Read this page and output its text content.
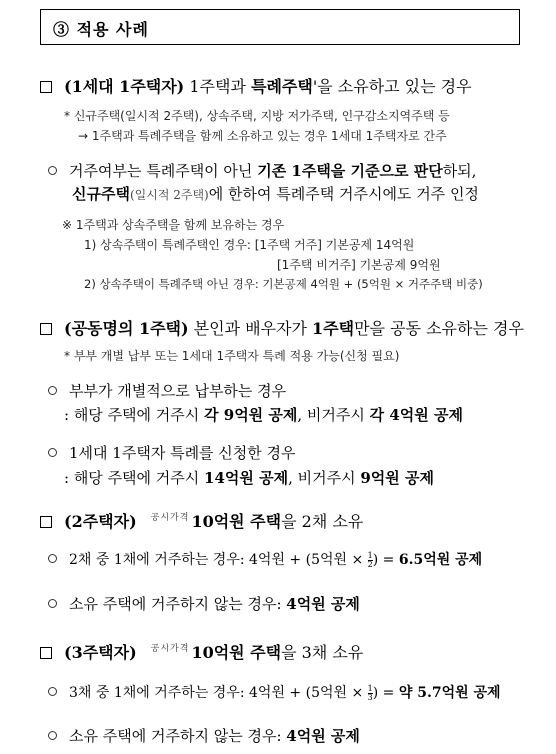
③ 적용 사례
(1세대 1주택자) 1주택과 특례주택'을 소유하고 있는 경우
* 신규주택(일시적 2주택), 상속주택, 지방 저가주택, 인구감소지역주택 등
→ 1주택과 특례주택을 함께 소유하고 있는 경우 1세대 1주택자로 간주
거주여부는 특례주택이 아닌 기존 1주택을 기준으로 판단하되,
신규주택(일시적 2주택)에 한하여 특례주택 거주시에도 거주 인정
※ 1주택과 상속주택을 함께 보유하는 경우
1) 상속주택이 특례주택인 경우: [1주택 거주] 기본공제 14억원
[1주택 비거주] 기본공제 9억원
2) 상속주택이 특례주택 아닌 경우: 기본공제 4억원 + (5억원 × 거주주택 비중)
(공동명의 1주택) 본인과 배우자가 1주택만을 공동 소유하는 경우
* 부부 개별 납부 또는 1세대 1주택자 특례 적용 가능(신청 필요)
부부가 개별적으로 납부하는 경우
: 해당 주택에 거주시 각 9억원 공제, 비거주시 각 4억원 공제
1세대 1주택자 특례를 신청한 경우
: 해당 주택에 거주시 14억원 공제, 비거주시 9억원 공제
(2주택자) $^{공시가격}$ 10억원 주택을 2채 소유
2채 중 1채에 거주하는 경우: 4억원 + (5억원 × $\frac{1}{2}$ ) = 6.5억원 공제
소유 주택에 거주하지 않는 경우: 4억원 공제
(3주택자) $^{공시가격}$ 10억원 주택을 3채 소유
3채 중 1채에 거주하는 경우: 4억원 + (5억원 × $\frac{1}{3}$ ) = 약 5.7억원 공제
소유 주택에 거주하지 않는 경우: 4억원 공제
